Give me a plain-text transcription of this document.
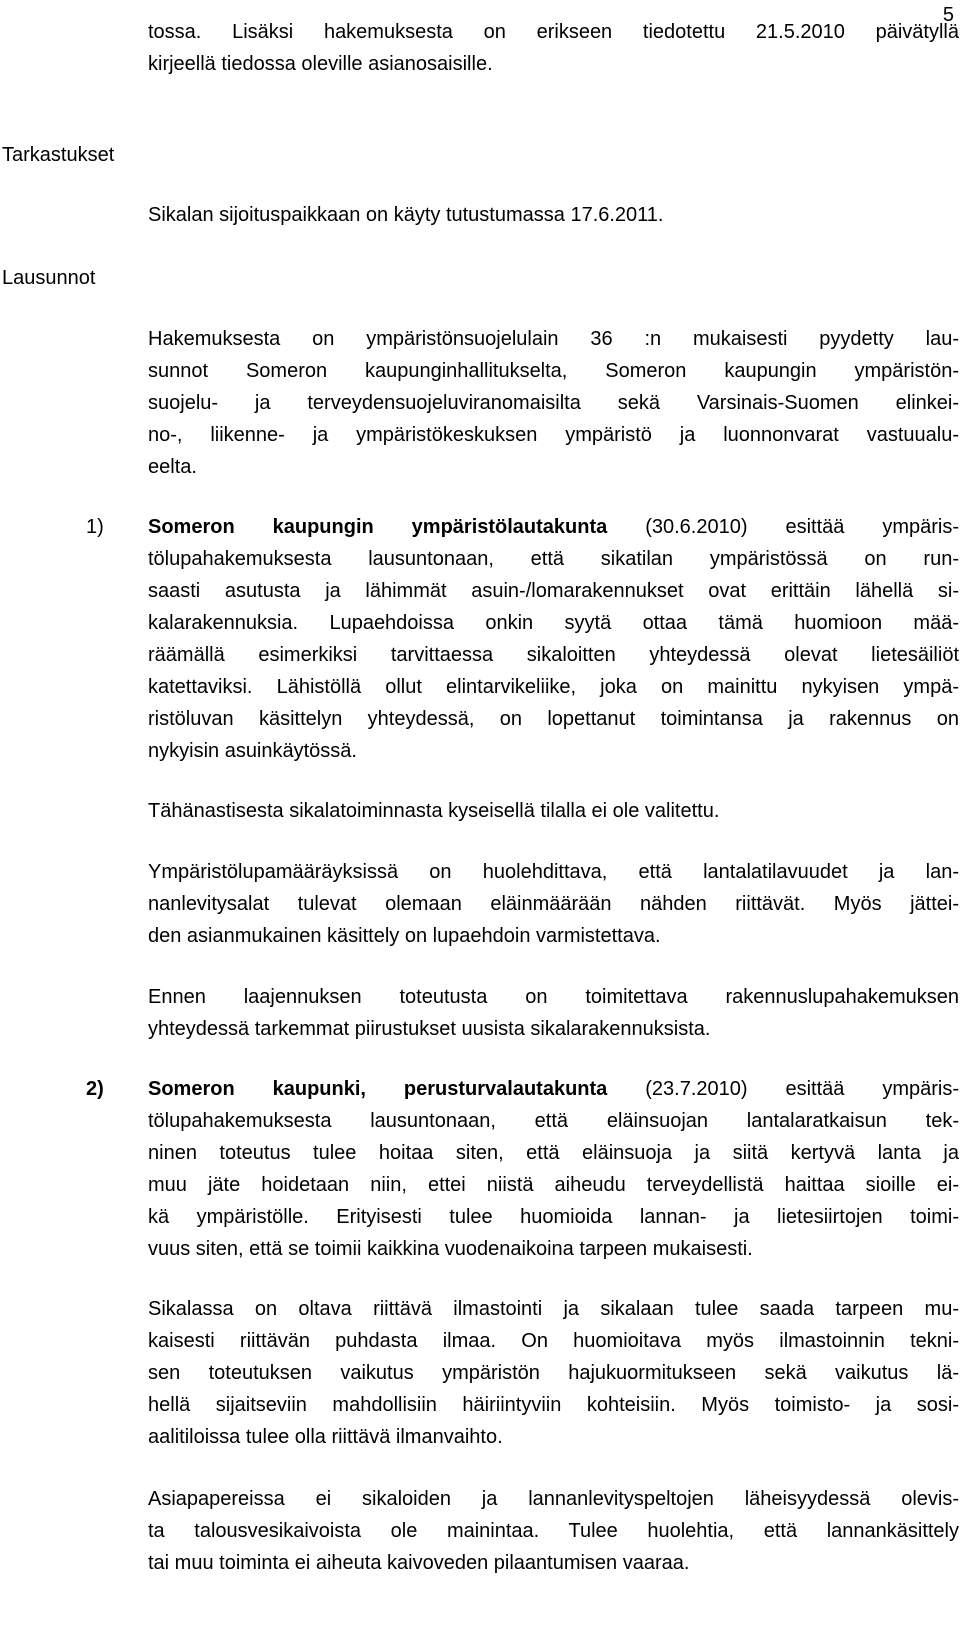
5
tossa. Lisäksi hakemuksesta on erikseen tiedotettu 21.5.2010 päivätyllä
kirjeellä tiedossa oleville asianosaisille.
Tarkastukset
Sikalan sijoituspaikkaan on käyty tutustumassa 17.6.2011.
Lausunnot
Hakemuksesta on ympäristönsuojelulain 36 :n mukaisesti pyydetty lau-
sunnot Someron kaupunginhallitukselta, Someron kaupungin ympäristön-
suojelu- ja terveydensuojeluviranomaisilta sekä Varsinais-Suomen elinkei-
no-, liikenne- ja ympäristökeskuksen ympäristö ja luonnonvarat vastuualu-
eelta.
1) Someron kaupungin ympäristölautakunta (30.6.2010) esittää ympäris-
tölupahakemuksesta lausuntonaan, että sikatilan ympäristössä on run-
saasti asutusta ja lähimmät asuin-/lomarakennukset ovat erittäin lähellä si-
kalarakennuksia. Lupaehdoissa onkin syytä ottaa tämä huomioon mää-
räämällä esimerkiksi tarvittaessa sikaloitten yhteydessä olevat lietesäiliöt
katettaviksi. Lähistöllä ollut elintarvikeliike, joka on mainittu nykyisen ympä-
ristöluvan käsittelyn yhteydessä, on lopettanut toimintansa ja rakennus on
nykyisin asuinkäytössä.
Tähänastisesta sikalatoiminnasta kyseisellä tilalla ei ole valitettu.
Ympäristölupamääräyksissä on huolehdittava, että lantalatilavuudet ja lan-
nanlevitysalat tulevat olemaan eläinmäärään nähden riittävät. Myös jättei-
den asianmukainen käsittely on lupaehdoin varmistettava.
Ennen laajennuksen toteutusta on toimitettava rakennuslupahakemuksen
yhteydessä tarkemmat piirustukset uusista sikalarakennuksista.
2) Someron kaupunki, perusturvalautakunta (23.7.2010) esittää ympäris-
tölupahakemuksesta lausuntonaan, että eläinsuojan lantalaratkaisun tek-
ninen toteutus tulee hoitaa siten, että eläinsuoja ja siitä kertyvä lanta ja
muu jäte hoidetaan niin, ettei niistä aiheudu terveydellistä haittaa sioille ei-
kä ympäristölle. Erityisesti tulee huomioida lannan- ja lietesiirtojen toimi-
vuus siten, että se toimii kaikkina vuodenaikoina tarpeen mukaisesti.
Sikalassa on oltava riittävä ilmastointi ja sikalaan tulee saada tarpeen mu-
kaisesti riittävän puhdasta ilmaa. On huomioitava myös ilmastoinnin tekni-
sen toteutuksen vaikutus ympäristön hajukuormitukseen sekä vaikutus lä-
hellä sijaitseviin mahdollisiin häiriintyviin kohteisiin. Myös toimisto- ja sosi-
aalitiloissa tulee olla riittävä ilmanvaihto.
Asiapapereissa ei sikaloiden ja lannanlevityspeltojen läheisyydessä olevis-
ta talousvesikaivoista ole mainintaa. Tulee huolehtia, että lannankäsittely
tai muu toiminta ei aiheuta kaivoveden pilaantumisen vaaraa.
